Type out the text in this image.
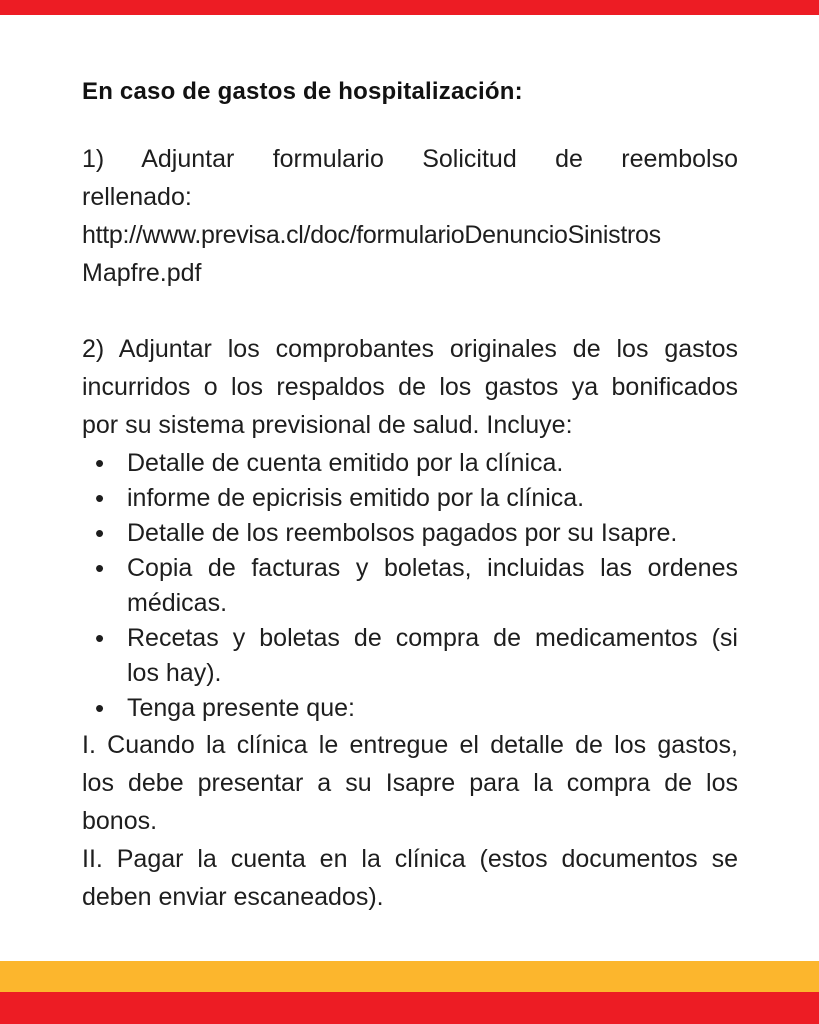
En caso de gastos de hospitalización:
1) Adjuntar formulario Solicitud de reembolso
rellenado:
http://www.previsa.cl/doc/formularioDenuncioSinistros
Mapfre.pdf
2) Adjuntar los comprobantes originales de los gastos
incurridos o los respaldos de los gastos ya bonificados
por su sistema previsional de salud. Incluye:
• Detalle de cuenta emitido por la clínica.
• informe de epicrisis emitido por la clínica.
• Detalle de los reembolsos pagados por su Isapre.
• Copia de facturas y boletas, incluidas las ordenes
médicas.
• Recetas y boletas de compra de medicamentos (si
los hay).
• Tenga presente que:
I. Cuando la clínica le entregue el detalle de los gastos,
los debe presentar a su Isapre para la compra de los
bonos.
II. Pagar la cuenta en la clínica (estos documentos se
deben enviar escaneados).
